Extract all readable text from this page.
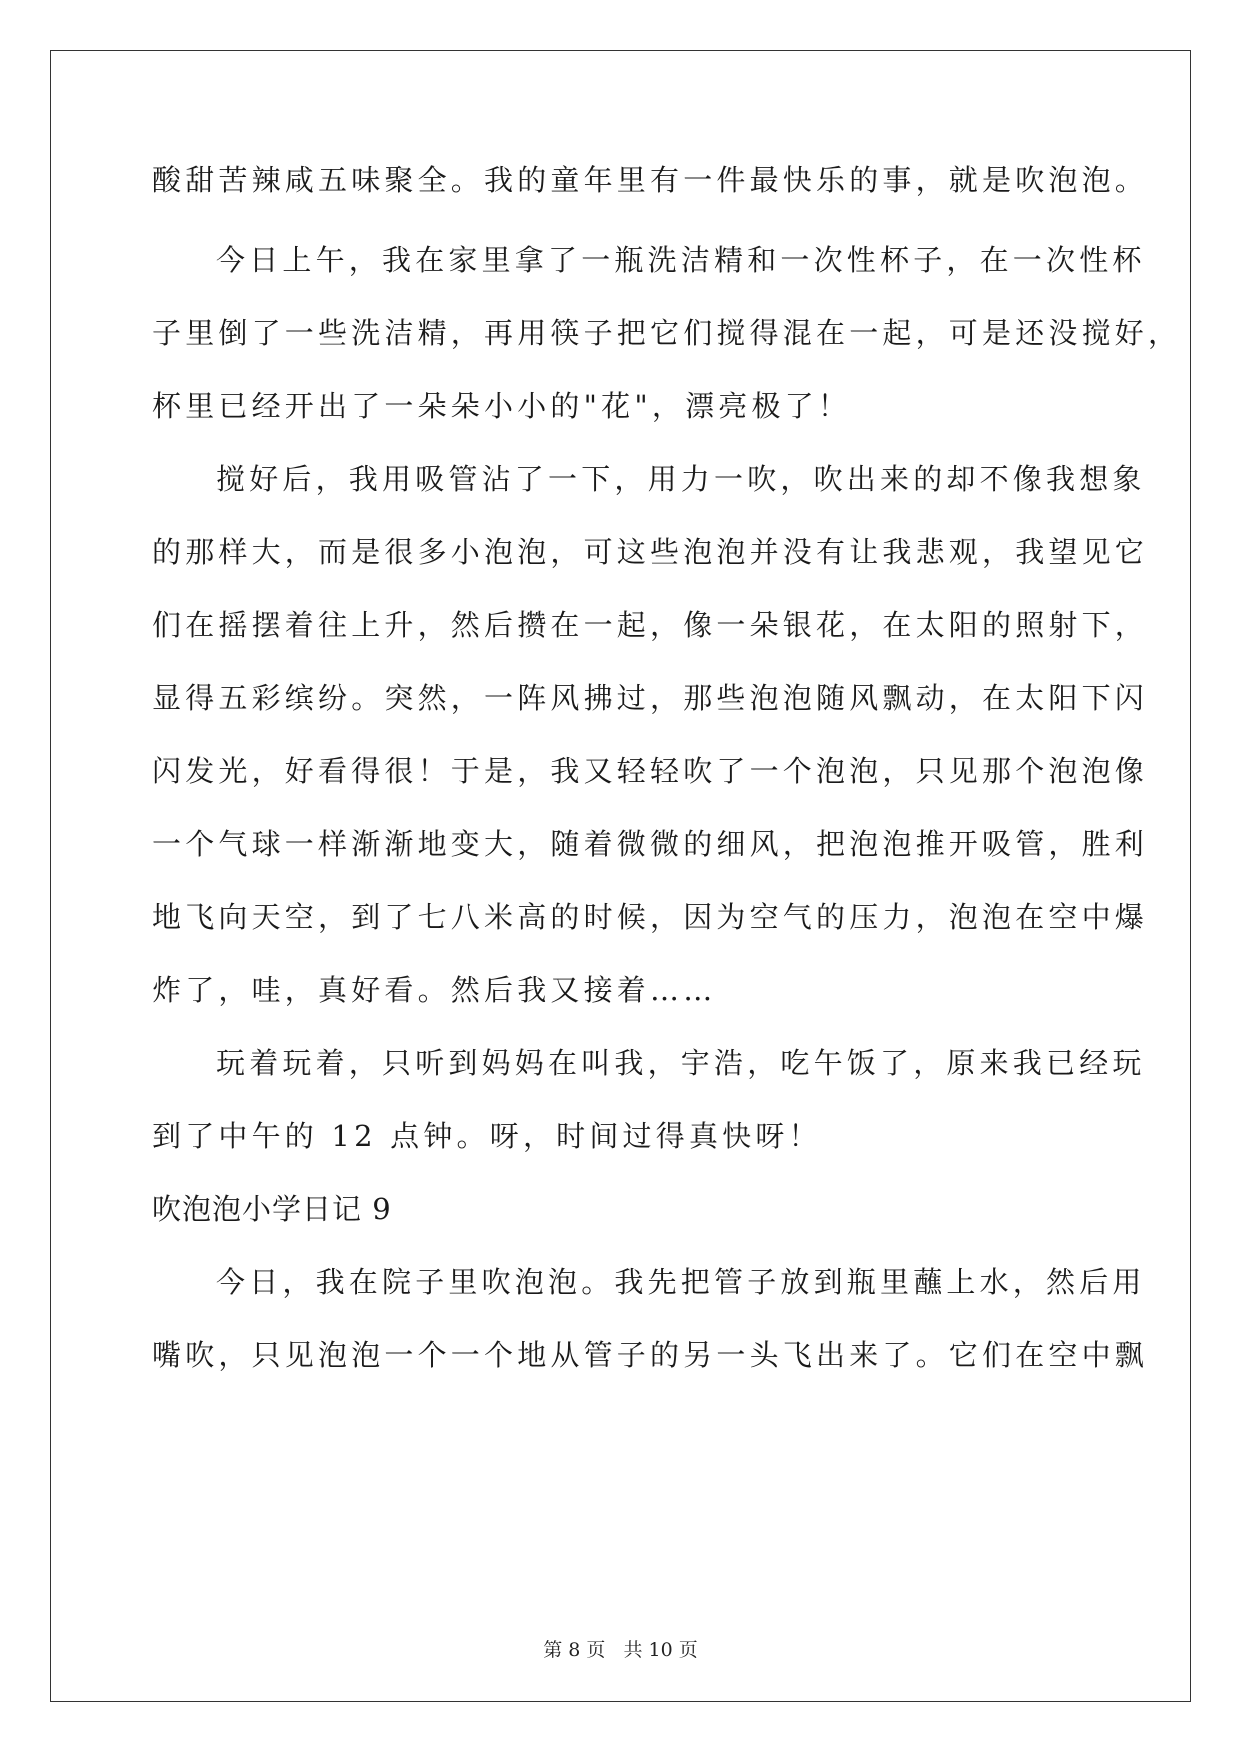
酸甜苦辣咸五味聚全。我的童年里有一件最快乐的事，就是吹泡泡。
今日上午，我在家里拿了一瓶洗洁精和一次性杯子，在一次性杯
子里倒了一些洗洁精，再用筷子把它们搅得混在一起，可是还没搅好，
杯里已经开出了一朵朵小小的"花"，漂亮极了！
搅好后，我用吸管沾了一下，用力一吹，吹出来的却不像我想象
的那样大，而是很多小泡泡，可这些泡泡并没有让我悲观，我望见它
们在摇摆着往上升，然后攒在一起，像一朵银花，在太阳的照射下，
显得五彩缤纷。突然，一阵风拂过，那些泡泡随风飘动，在太阳下闪
闪发光，好看得很！于是，我又轻轻吹了一个泡泡，只见那个泡泡像
一个气球一样渐渐地变大，随着微微的细风，把泡泡推开吸管，胜利
地飞向天空，到了七八米高的时候，因为空气的压力，泡泡在空中爆
炸了，哇，真好看。然后我又接着……
玩着玩着，只听到妈妈在叫我，宇浩，吃午饭了，原来我已经玩
到了中午的 12 点钟。呀，时间过得真快呀！
吹泡泡小学日记 9
今日，我在院子里吹泡泡。我先把管子放到瓶里蘸上水，然后用
嘴吹，只见泡泡一个一个地从管子的另一头飞出来了。它们在空中飘
第 8 页   共 10 页
